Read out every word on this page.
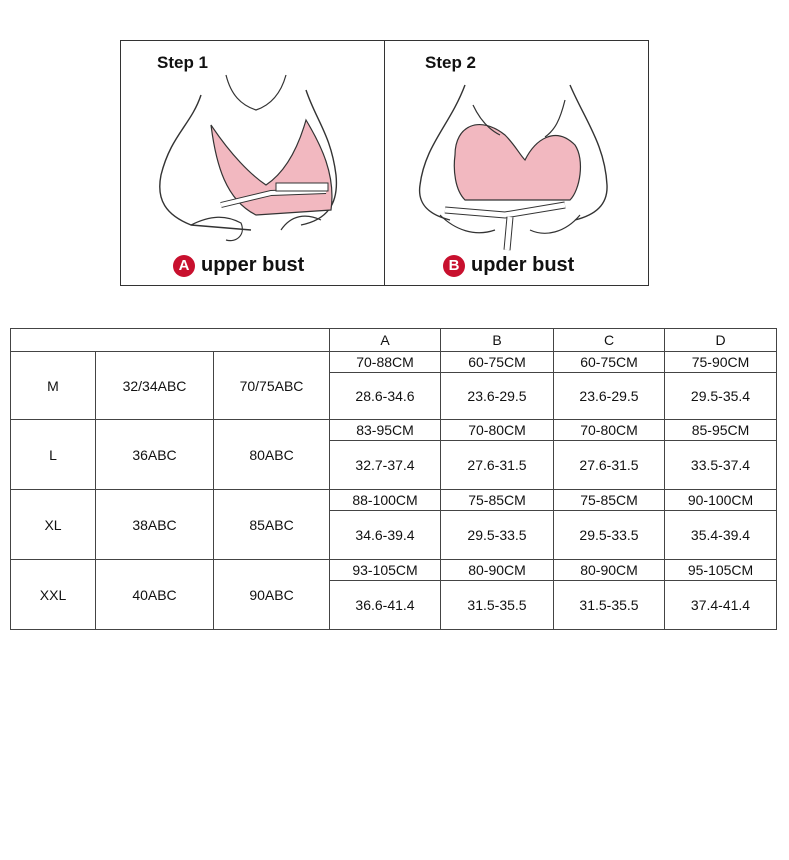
Step 1
A upper bust
Step 2
B upder bust
			A	B	C	D
M	32/34ABC	70/75ABC	70-88CM	60-75CM	60-75CM	75-90CM
			28.6-34.6	23.6-29.5	23.6-29.5	29.5-35.4
L	36ABC	80ABC	83-95CM	70-80CM	70-80CM	85-95CM
			32.7-37.4	27.6-31.5	27.6-31.5	33.5-37.4
XL	38ABC	85ABC	88-100CM	75-85CM	75-85CM	90-100CM
			34.6-39.4	29.5-33.5	29.5-33.5	35.4-39.4
XXL	40ABC	90ABC	93-105CM	80-90CM	80-90CM	95-105CM
			36.6-41.4	31.5-35.5	31.5-35.5	37.4-41.4
